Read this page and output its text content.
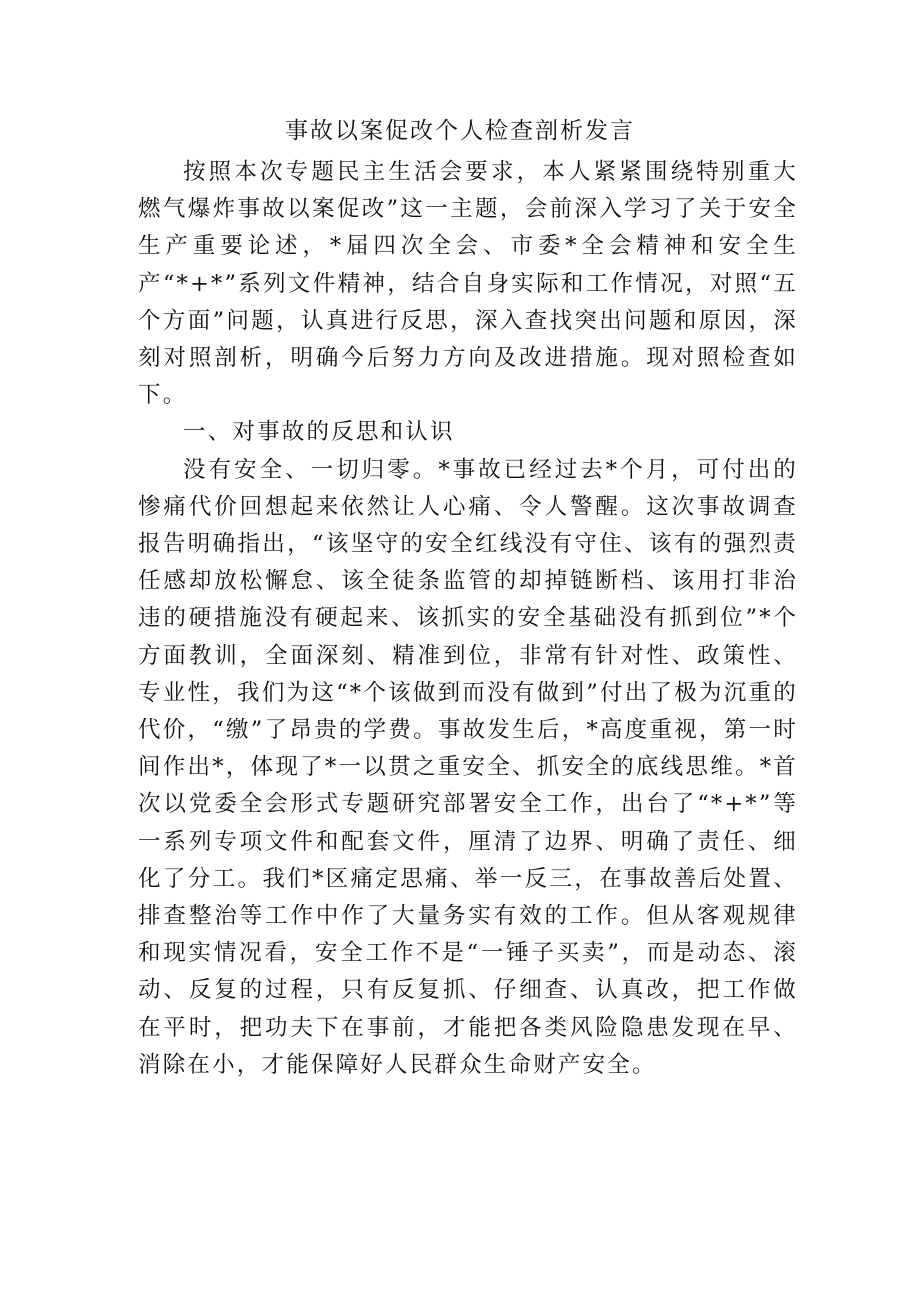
事故以案促改个人检查剖析发言

按照本次专题民主生活会要求，本人紧紧围绕特别重大燃气爆炸事故以案促改”这一主题，会前深入学习了关于安全生产重要论述，*届四次全会、市委*全会精神和安全生产“*+*”系列文件精神，结合自身实际和工作情况，对照“五个方面”问题，认真进行反思，深入查找突出问题和原因，深刻对照剖析，明确今后努力方向及改进措施。现对照检查如下。

一、对事故的反思和认识

没有安全、一切归零。*事故已经过去*个月，可付出的惨痛代价回想起来依然让人心痛、令人警醒。这次事故调查报告明确指出，“该坚守的安全红线没有守住、该有的强烈责任感却放松懈怠、该全徒条监管的却掉链断档、该用打非治违的硬措施没有硬起来、该抓实的安全基础没有抓到位”*个方面教训，全面深刻、精准到位，非常有针对性、政策性、专业性，我们为这“*个该做到而没有做到”付出了极为沉重的代价，“缴”了昂贵的学费。事故发生后，*高度重视，第一时间作出*，体现了*一以贯之重安全、抓安全的底线思维。*首次以党委全会形式专题研究部署安全工作，出台了“*+*”等一系列专项文件和配套文件，厘清了边界、明确了责任、细化了分工。我们*区痛定思痛、举一反三，在事故善后处置、排查整治等工作中作了大量务实有效的工作。但从客观规律和现实情况看，安全工作不是“一锤子买卖”，而是动态、滚动、反复的过程，只有反复抓、仔细查、认真改，把工作做在平时，把功夫下在事前，才能把各类风险隐患发现在早、消除在小，才能保障好人民群众生命财产安全。
